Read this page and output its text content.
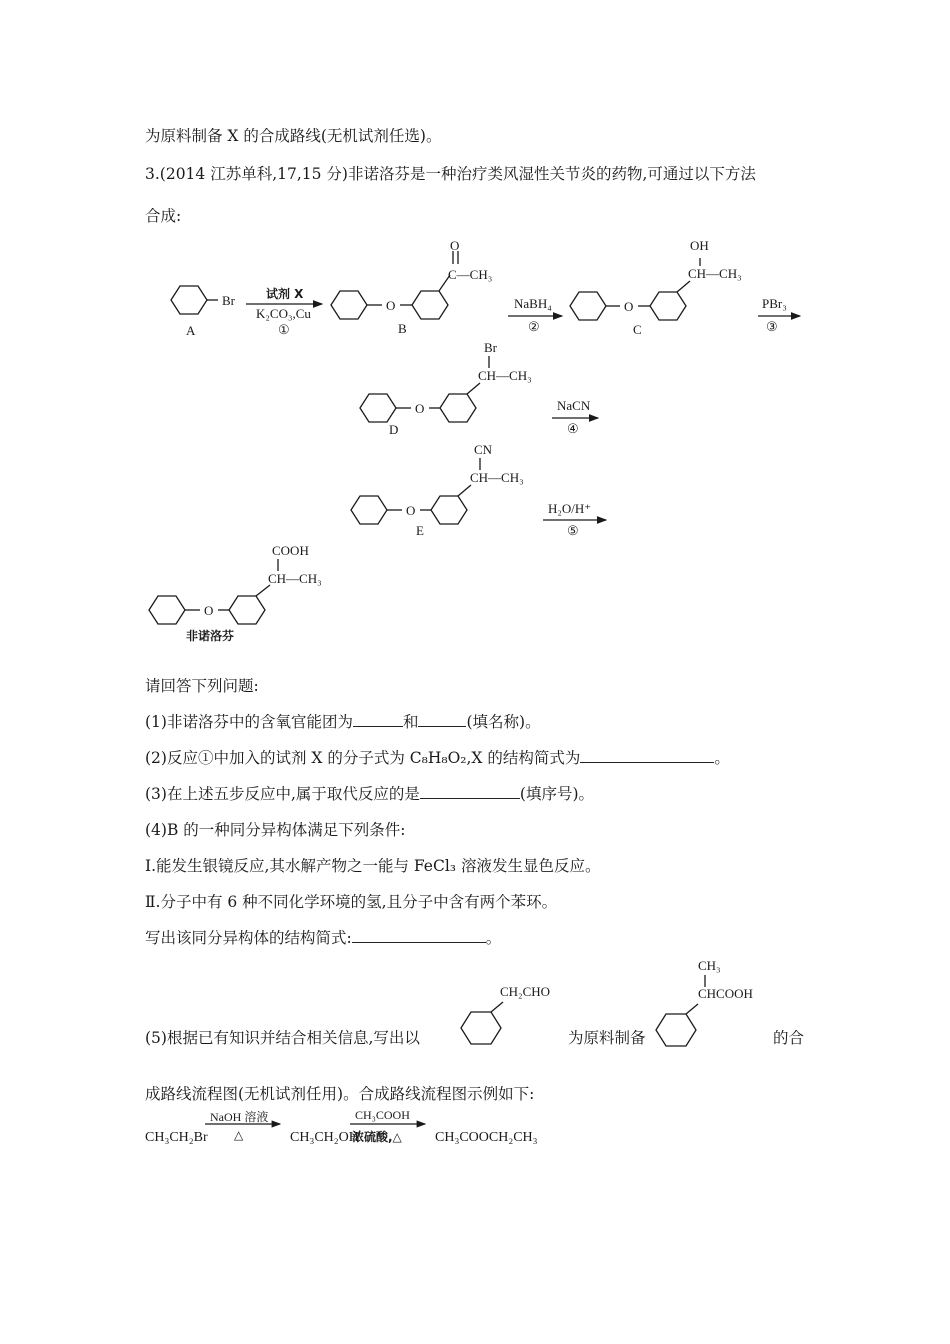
为原料制备 X 的合成路线(无机试剂任选)。
3.(2014 江苏单科,17,15 分)非诺洛芬是一种治疗类风湿性关节炎的药物,可通过以下方法
合成:
Br
A
试剂 X
K₂CO₃,Cu
①
O
O
C—CH₃
B
NaBH₄
②
O
OH
CH—CH₃
C
PBr₃
③
Br
CH—CH₃
O
D
NaCN
④
CN
CH—CH₃
O
E
H₂O/H⁺
⑤
COOH
CH—CH₃
O
非诺洛芬
请回答下列问题:
(1)非诺洛芬中的含氧官能团为	和	(填名称)。
(2)反应①中加入的试剂 X 的分子式为 C₈H₈O₂,X 的结构简式为	。
(3)在上述五步反应中,属于取代反应的是	(填序号)。
(4)B 的一种同分异构体满足下列条件:
Ⅰ.能发生银镜反应,其水解产物之一能与 FeCl₃ 溶液发生显色反应。
Ⅱ.分子中有 6 种不同化学环境的氢,且分子中含有两个苯环。
写出该同分异构体的结构简式:	。
(5)根据已有知识并结合相关信息,写出以	为原料制备	的合
CH₂CHO
CH₃
CHCOOH
成路线流程图(无机试剂任用)。合成路线流程图示例如下:
CH₃CH₂Br
NaOH 溶液
△	CH₃CH₂OH
CH₃COOH
浓硫酸,△ CH₃COOCH₂CH₃
